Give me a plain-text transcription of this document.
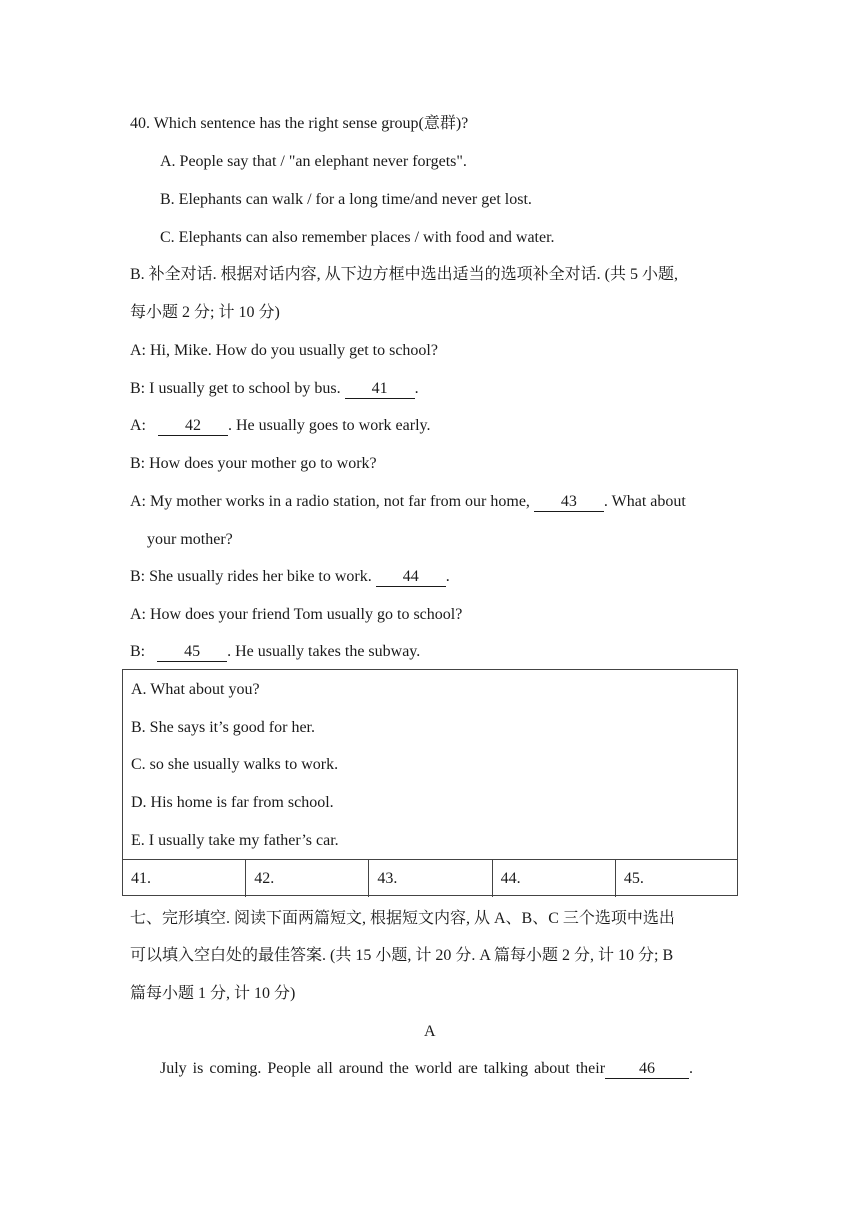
40. Which sentence has the right sense group(意群)?
A. People say that / "an elephant never forgets".
B. Elephants can walk / for a long time/and never get lost.
C. Elephants can also remember places / with food and water.
B. 补全对话. 根据对话内容, 从下边方框中选出适当的选项补全对话. (共 5 小题,
每小题 2 分; 计 10 分)
A: Hi, Mike. How do you usually get to school?
B: I usually get to school by bus. 41 .
A: 42 . He usually goes to work early.
B: How does your mother go to work?
A: My mother works in a radio station, not far from our home, 43 . What about
your mother?
B: She usually rides her bike to work. 44 .
A: How does your friend Tom usually go to school?
B: 45 . He usually takes the subway.
A. What about you?
B. She says it’s good for her.
C. so she usually walks to work.
D. His home is far from school.
E. I usually take my father’s car.
41.	42.	43.	44.	45.
七、完形填空. 阅读下面两篇短文, 根据短文内容, 从 A、B、C 三个选项中选出
可以填入空白处的最佳答案. (共 15 小题, 计 20 分. A 篇每小题 2 分, 计 10 分; B
篇每小题 1 分, 计 10 分)
A
July is coming. People all around the world are talking about their 46 .
